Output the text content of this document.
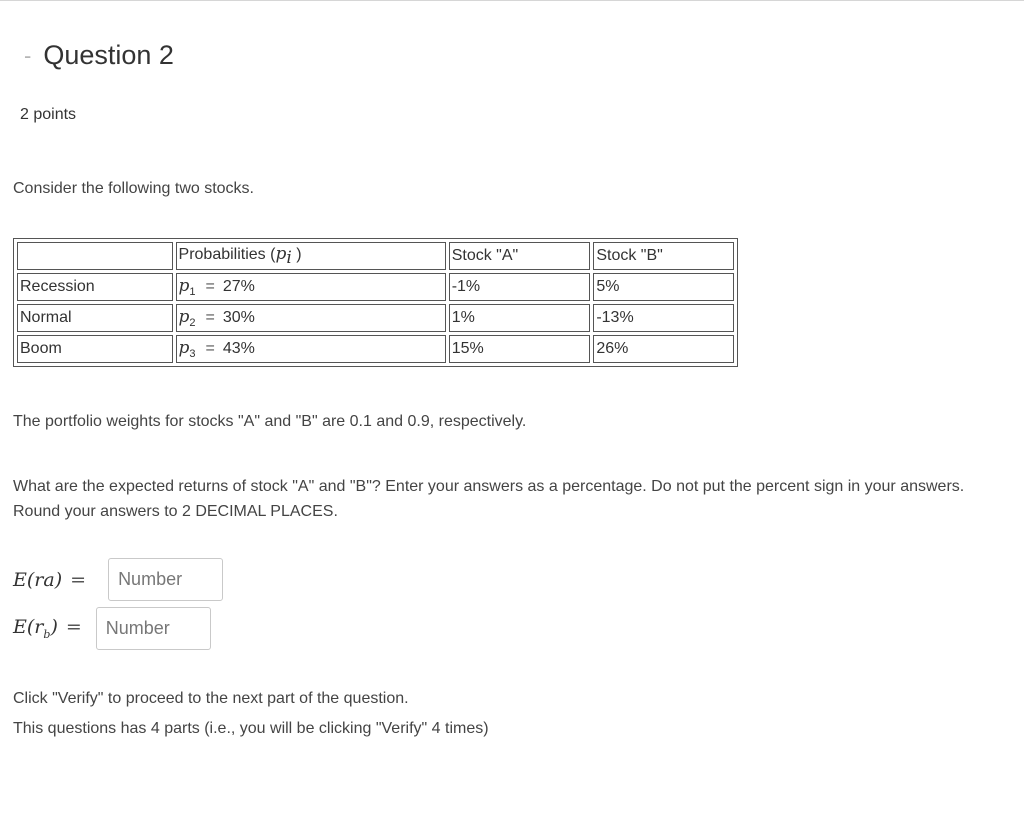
- Question 2
2 points
Consider the following two stocks.
	Probabilities ($p_i$ )	Stock "A"	Stock "B"
Recession	$p_1 = 27\%$	-1%	5%
Normal	$p_2 = 30\%$	1%	-13%
Boom	$p_3 = 43\%$	15%	26%
The portfolio weights for stocks "A" and "B" are 0.1 and 0.9, respectively.
What are the expected returns of stock "A" and "B"? Enter your answers as a percentage. Do not put the percent sign in your answers. Round your answers to 2 DECIMAL PLACES.
E(ra) =
Number
$E(r_b)$ =
Number
Click "Verify" to proceed to the next part of the question.
This questions has 4 parts (i.e., you will be clicking "Verify" 4 times)
